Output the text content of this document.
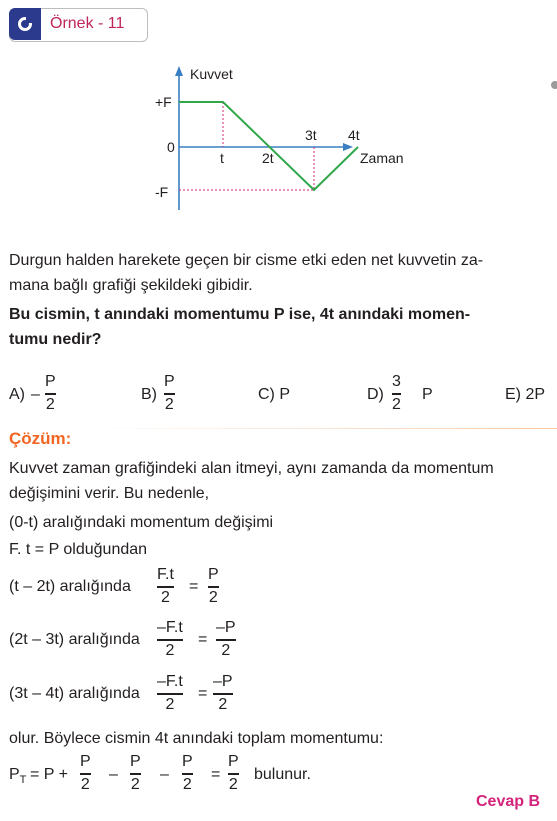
Örnek - 11
Kuvvet
Zaman
+F
0
-F
t	2t
3t 4t
Durgun halden harekete geçen bir cisme etki eden net kuvvetin za-
mana bağlı grafiği şekildeki gibidir.
Bu cismin, t anındaki momentumu P ise, 4t anındaki momen-
tumu nedir?
A) –
P
2
B)
P
2
C) P	D)
3
2
P	E) 2P
Çözüm:
Kuvvet zaman grafiğindeki alan itmeyi, aynı zamanda da momentum
değişimini verir. Bu nedenle,
(0-t) aralığındaki momentum değişimi
F. t = P olduğundan
(t – 2t) aralığında
F.t
2
=
P
2
(2t – 3t) aralığında
–F.t
2
=
–P
2
(3t – 4t) aralığında
–F.t
2
=
–P
2
olur. Böylece cismin 4t anındaki toplam momentumu:
$P_T = P$ +
P
2
–
P
2
–
P
2
=
P
2
bulunur.
Cevap B
